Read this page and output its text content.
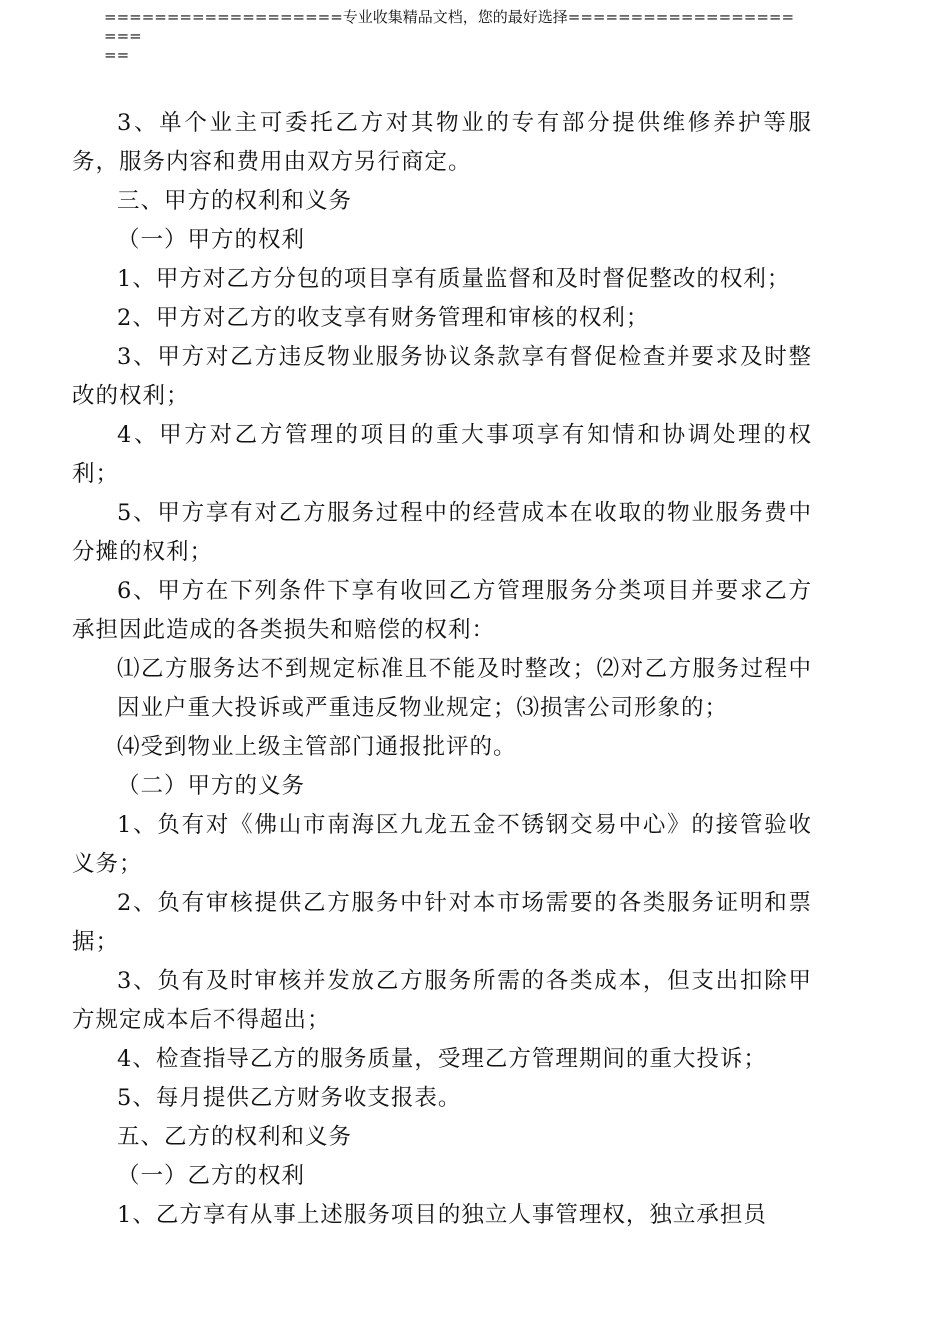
===================专业收集精品文档，您的最好选择=====================
==

3、单个业主可委托乙方对其物业的专有部分提供维修养护等服务，服务内容和费用由双方另行商定。

三、甲方的权利和义务

（一）甲方的权利

1、甲方对乙方分包的项目享有质量监督和及时督促整改的权利；

2、甲方对乙方的收支享有财务管理和审核的权利；

3、甲方对乙方违反物业服务协议条款享有督促检查并要求及时整改的权利；

4、甲方对乙方管理的项目的重大事项享有知情和协调处理的权利；

5、甲方享有对乙方服务过程中的经营成本在收取的物业服务费中分摊的权利；

6、甲方在下列条件下享有收回乙方管理服务分类项目并要求乙方承担因此造成的各类损失和赔偿的权利：

⑴乙方服务达不到规定标准且不能及时整改；⑵对乙方服务过程中因业户重大投诉或严重违反物业规定；⑶损害公司形象的；

⑷受到物业上级主管部门通报批评的。

（二）甲方的义务

1、负有对《佛山市南海区九龙五金不锈钢交易中心》的接管验收义务；

2、负有审核提供乙方服务中针对本市场需要的各类服务证明和票据；

3、负有及时审核并发放乙方服务所需的各类成本，但支出扣除甲方规定成本后不得超出；

4、检查指导乙方的服务质量，受理乙方管理期间的重大投诉；

5、每月提供乙方财务收支报表。

五、乙方的权利和义务

（一）乙方的权利

1、乙方享有从事上述服务项目的独立人事管理权，独立承担员
